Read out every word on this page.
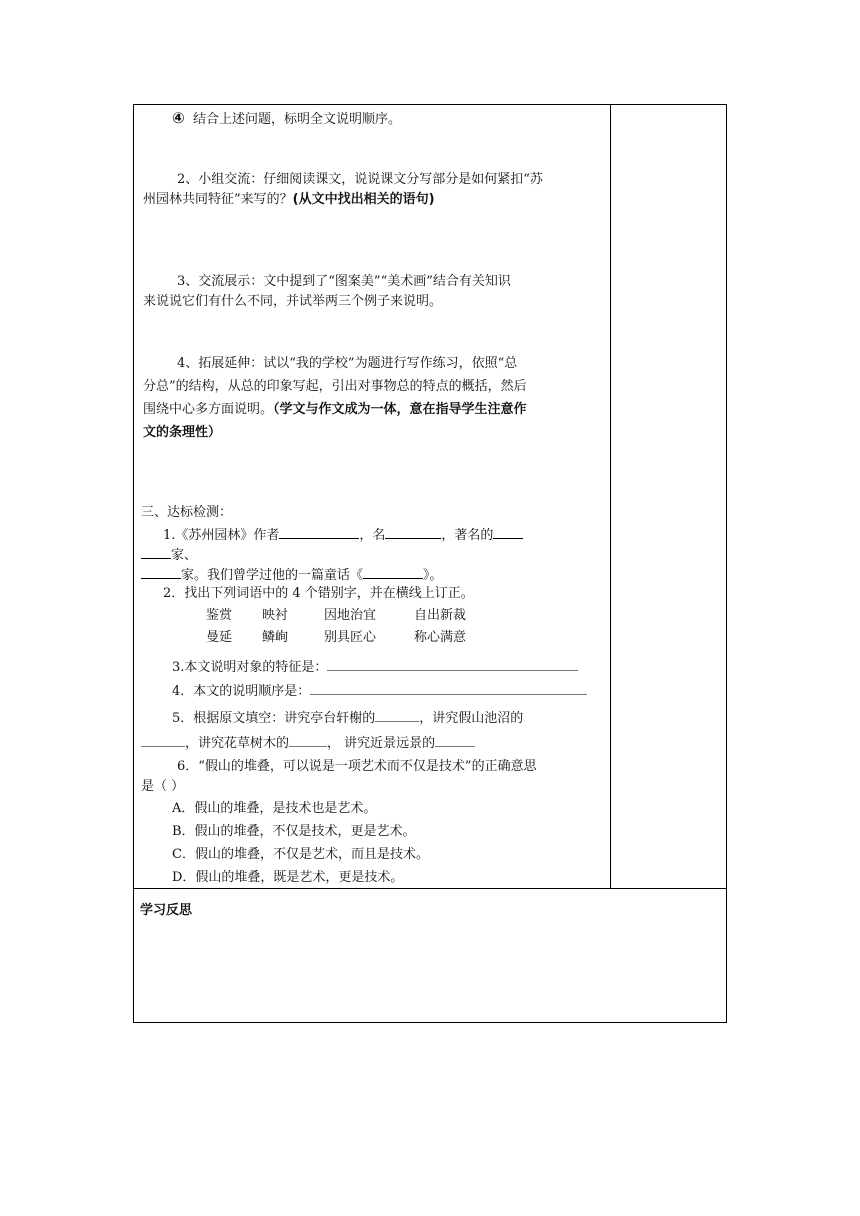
④ 结合上述问题，标明全文说明顺序。
2、小组交流：仔细阅读课文，说说课文分写部分是如何紧扣“苏
州园林共同特征”来写的？(从文中找出相关的语句)
3、交流展示：文中提到了“图案美”“美术画”结合有关知识
来说说它们有什么不同，并试举两三个例子来说明。
4、拓展延伸：试以“我的学校”为题进行写作练习，依照“总
分总”的结构，从总的印象写起，引出对事物总的特点的概括，然后
围绕中心多方面说明。（学文与作文成为一体，意在指导学生注意作
文的条理性）
三、达标检测：
1.《苏州园林》作者	，名	，著名的
家、
家。我们曾学过他的一篇童话《	》。
2．找出下列词语中的 4 个错别字，并在横线上订正。
鉴赏 映衬	因地治宜	自出新裁
曼延 鳞峋	别具匠心	称心满意
3.本文说明对象的特征是：
4．本文的说明顺序是：
5．根据原文填空：讲究亭台轩榭的	，讲究假山池沼的
，讲究花草树木的	， 讲究近景远景的
6．“假山的堆叠，可以说是一项艺术而不仅是技术”的正确意思
是（ ）
A．假山的堆叠，是技术也是艺术。
B．假山的堆叠，不仅是技术，更是艺术。
C．假山的堆叠，不仅是艺术，而且是技术。
D．假山的堆叠，既是艺术，更是技术。
学习反思
